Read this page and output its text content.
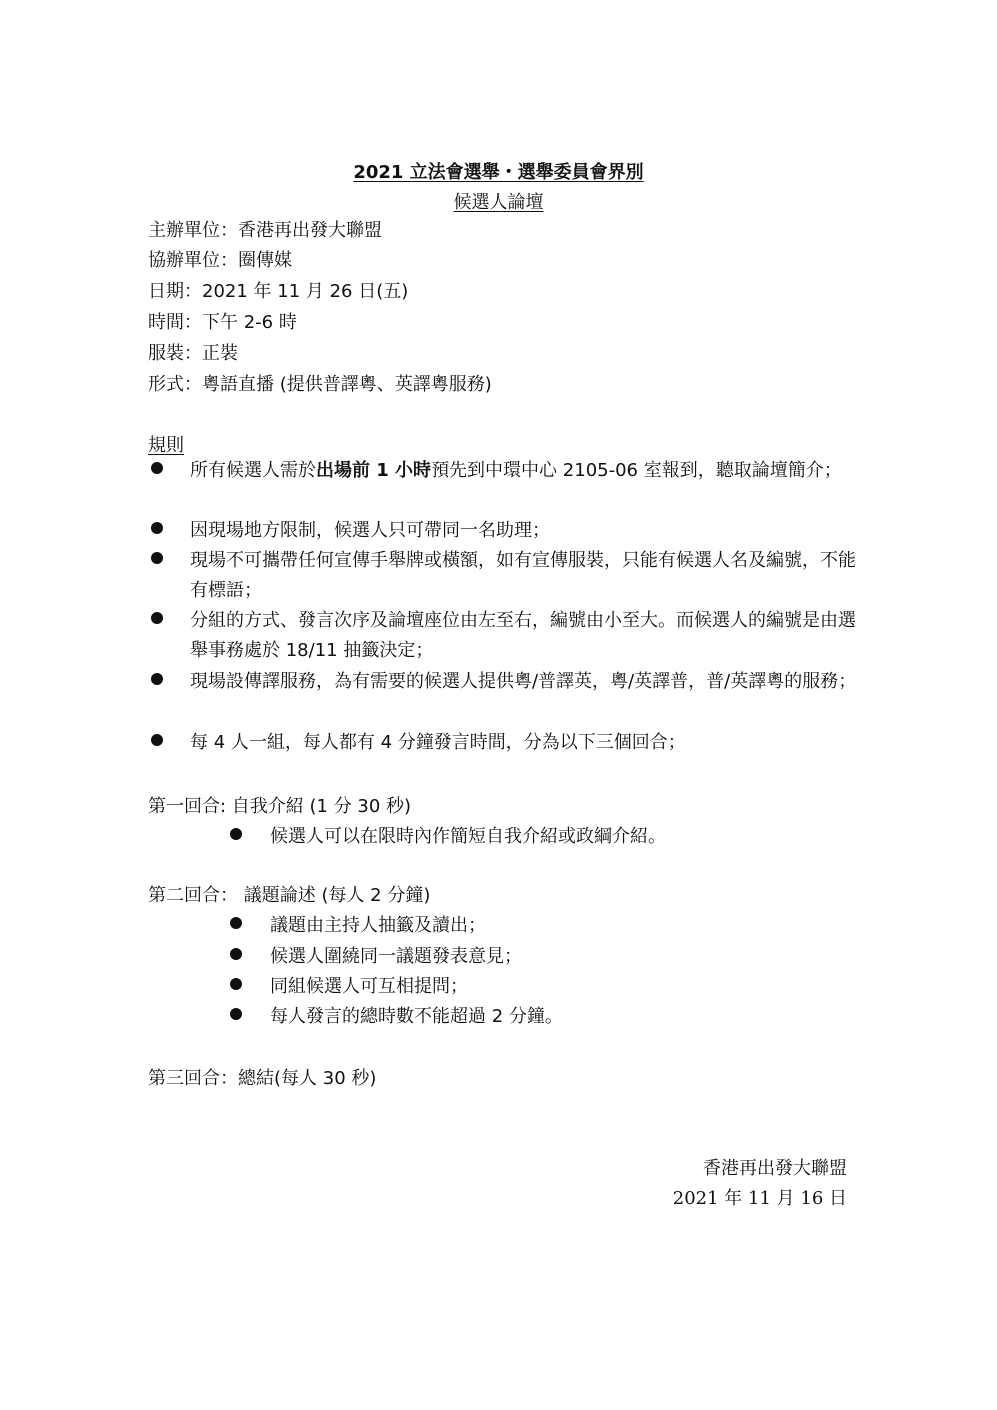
2021 立法會選舉・選舉委員會界別
候選人論壇
主辦單位：香港再出發大聯盟
協辦單位：圈傳媒
日期：2021 年 11 月 26 日(五)
時間：下午 2-6 時
服裝：正裝
形式：粵語直播 (提供普譯粵、英譯粵服務)
規則
所有候選人需於出場前 1 小時預先到中環中心 2105-06 室報到，聽取論壇簡介；
因現場地方限制，候選人只可帶同一名助理；
現場不可攜帶任何宣傳手舉牌或橫額，如有宣傳服裝，只能有候選人名及編號，不能有標語；
分組的方式、發言次序及論壇座位由左至右，編號由小至大。而候選人的編號是由選舉事務處於 18/11 抽籤決定；
現場設傳譯服務，為有需要的候選人提供粵/普譯英，粵/英譯普，普/英譯粵的服務；
每 4 人一組，每人都有 4 分鐘發言時間，分為以下三個回合；
第一回合: 自我介紹 (1 分 30 秒)
候選人可以在限時內作簡短自我介紹或政綱介紹。
第二回合： 議題論述 (每人 2 分鐘)
議題由主持人抽籤及讀出；
候選人圍繞同一議題發表意見；
同組候選人可互相提問；
每人發言的總時數不能超過 2 分鐘。
第三回合：總結(每人 30 秒)
香港再出發大聯盟
2021 年 11 月 16 日
